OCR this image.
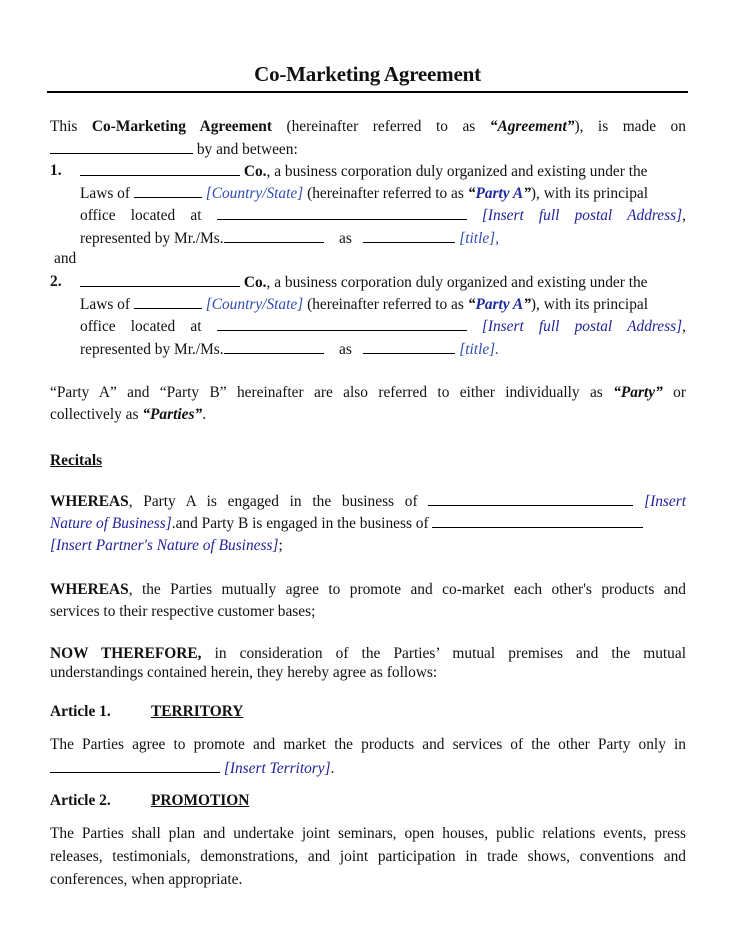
Co-Marketing Agreement
This Co-Marketing Agreement (hereinafter referred to as “Agreement”), is made on
by and between:
1.	Co., a business corporation duly organized and existing under the
Laws of	[Country/State] (hereinafter referred to as “Party A”), with its principal
office located at	[Insert full postal Address],
represented by Mr./Ms.	as	[title],
and
2.	Co., a business corporation duly organized and existing under the
Laws of	[Country/State] (hereinafter referred to as “Party A”), with its principal
office located at	[Insert full postal Address],
represented by Mr./Ms.	as	[title].
“Party A” and “Party B” hereinafter are also referred to either individually as “Party” or
collectively as “Parties”.
Recitals
WHEREAS, Party A is engaged in the business of	[Insert
Nature of Business].and Party B is engaged in the business of
[Insert Partner's Nature of Business];
WHEREAS, the Parties mutually agree to promote and co-market each other's products and
services to their respective customer bases;
NOW THEREFORE, in consideration of the Parties’ mutual premises and the mutual
understandings contained herein, they hereby agree as follows:
Article 1.	TERRITORY
The Parties agree to promote and market the products and services of the other Party only in
[Insert Territory].
Article 2.	PROMOTION
The Parties shall plan and undertake joint seminars, open houses, public relations events, press
releases, testimonials, demonstrations, and joint participation in trade shows, conventions and
conferences, when appropriate.
